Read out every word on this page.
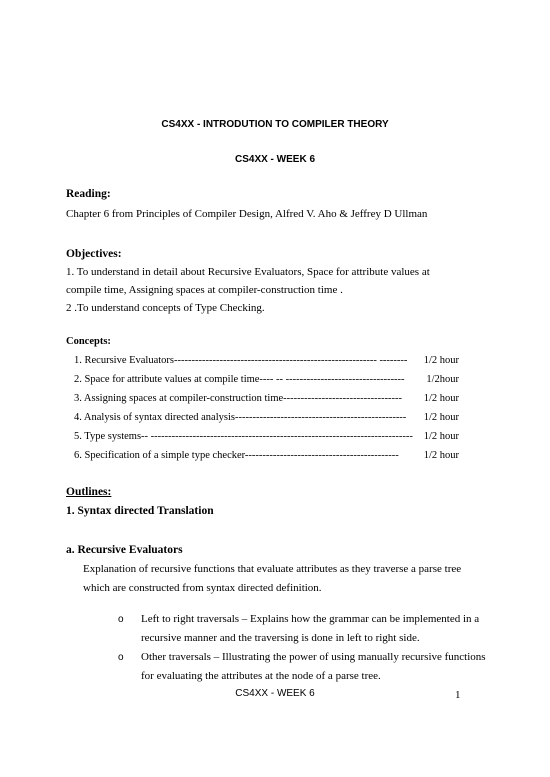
CS4XX - INTRODUTION TO COMPILER THEORY
CS4XX - WEEK 6
Reading:
Chapter 6 from Principles of Compiler Design, Alfred V. Aho & Jeffrey D Ullman
Objectives:
1. To understand in detail about Recursive Evaluators, Space for attribute values at
compile time, Assigning spaces at compiler-construction time .
2 .To understand concepts of Type Checking.
Concepts:
1. Recursive Evaluators---------------------------------------------------------- -------- 1/2 hour
2. Space for attribute values at compile time---- -- ---------------------------------- 1/2hour
3. Assigning spaces at compiler-construction time---------------------------------- 1/2 hour
4. Analysis of syntax directed analysis------------------------------------------------- 1/2 hour
5. Type systems-- --------------------------------------------------------------------------- 1/2 hour
6. Specification of a simple type checker-------------------------------------------- 1/2 hour
Outlines:
1. Syntax directed Translation
a. Recursive Evaluators
Explanation of recursive functions that evaluate attributes as they traverse a parse tree
which are constructed from syntax directed definition.
o Left to right traversals – Explains how the grammar can be implemented in a
recursive manner and the traversing is done in left to right side.
o Other traversals – Illustrating the power of using manually recursive functions
for evaluating the attributes at the node of a parse tree.
CS4XX - WEEK 6	1
